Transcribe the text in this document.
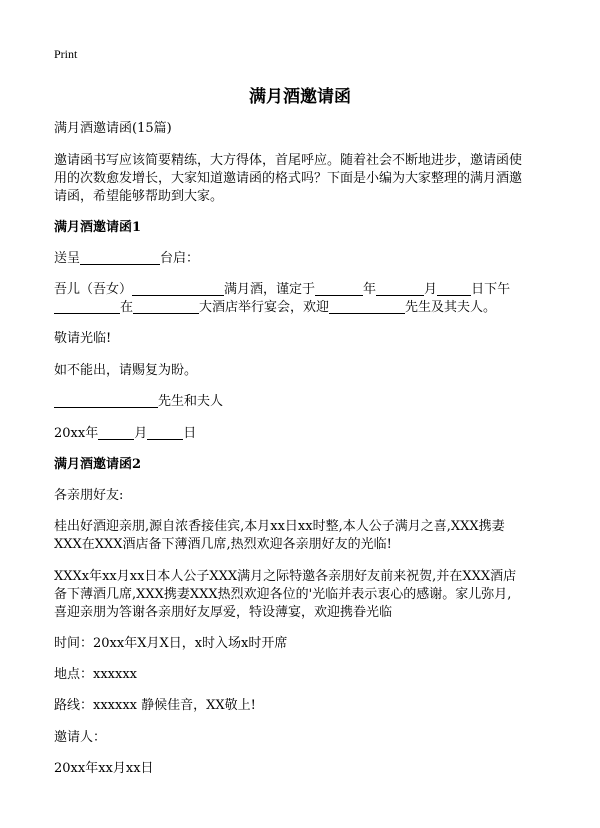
Print
满月酒邀请函
满月酒邀请函(15篇)
邀请函书写应该简要精练，大方得体，首尾呼应。随着社会不断地进步，邀请函使
用的次数愈发增长，大家知道邀请函的格式吗？下面是小编为大家整理的满月酒邀
请函，希望能够帮助到大家。
满月酒邀请函1
送呈	台启：
吾儿（吾女）	满月酒，谨定于	年	月	日下午
在	大酒店举行宴会，欢迎	先生及其夫人。
敬请光临!
如不能出，请赐复为盼。
先生和夫人
20xx年	月	日
满月酒邀请函2
各亲朋好友:
桂出好酒迎亲朋,源自浓香接佳宾,本月xx日xx时整,本人公子满月之喜,XXX携妻
XXX在XXX酒店备下薄酒几席,热烈欢迎各亲朋好友的光临!
XXXx年xx月xx日本人公子XXX满月之际特邀各亲朋好友前来祝贺,并在XXX酒店
备下薄酒几席,XXX携妻XXX热烈欢迎各位的'光临并表示衷心的感谢。家儿弥月,
喜迎亲朋为答谢各亲朋好友厚爱，特设薄宴，欢迎携眷光临
时间：20xx年X月X日，x时入场x时开席
地点：xxxxxx
路线：xxxxxx 静候佳音，XX敬上!
邀请人：
20xx年xx月xx日
